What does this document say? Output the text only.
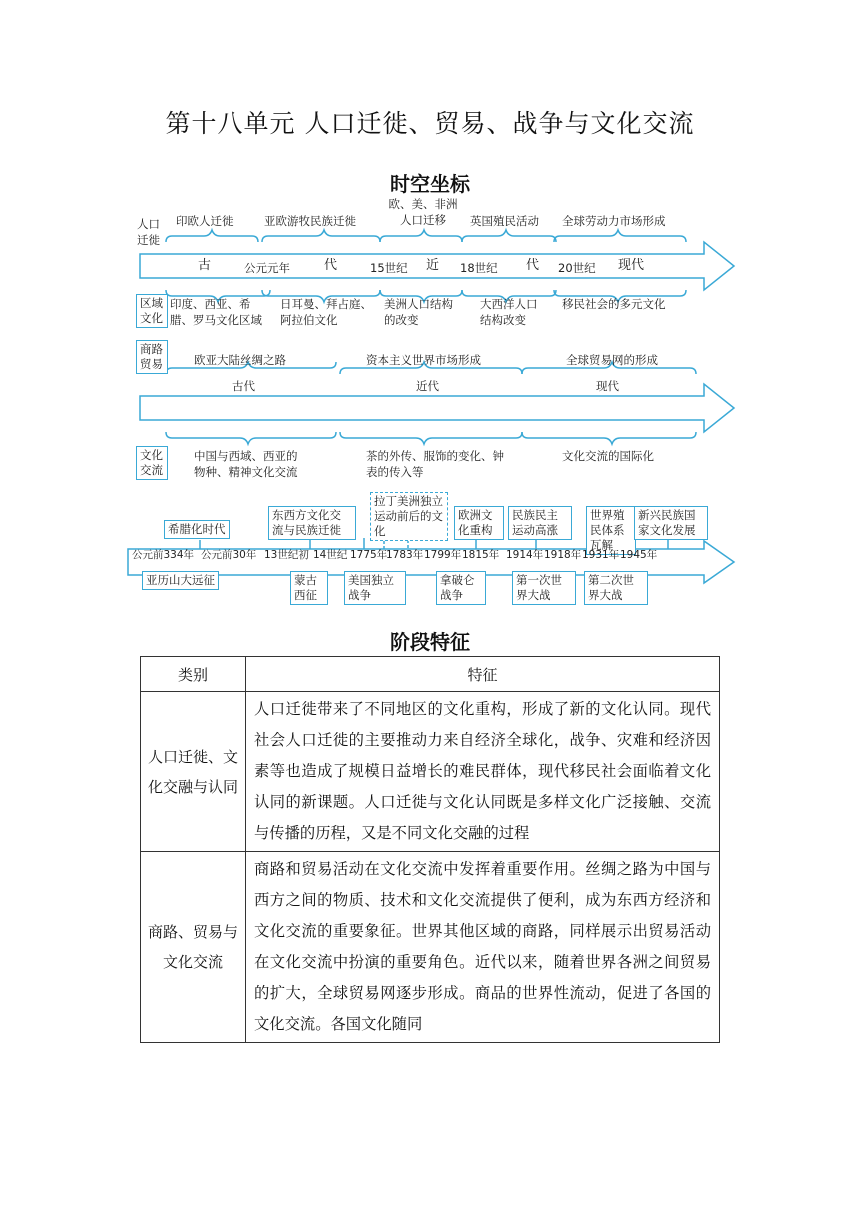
第十八单元 人口迁徙、贸易、战争与文化交流
时空坐标
人口迁徙
印欧人迁徙	亚欧游牧民族迁徙
欧、美、非洲人口迁移	英国殖民活动 全球劳动力市场形成
古	公元元年	代	15世纪 近 18世纪 代 20世纪 现代
区域文化
印度、西亚、希腊、罗马文化区域
日耳曼、拜占庭、阿拉伯文化
美洲人口结构的改变
大西洋人口结构改变
移民社会的多元文化
商路贸易	欧亚大陆丝绸之路	资本主义世界市场形成	全球贸易网的形成
古代	近代	现代
文化交流
中国与西域、西亚的物种、精神文化交流
茶的外传、服饰的变化、钟表的传入等
文化交流的国际化
希腊化时代
东西方文化交流与民族迁徙
拉丁美洲独立运动前后的文化
欧洲文化重构
民族民主运动高涨
世界殖民体系瓦解
新兴民族国家文化发展
公元前334年 公元前30年 13世纪初 14世纪 1775年
1783年 1799年 1815年 1914年 1918年 1931年 1945年
亚历山大远征	蒙古西征
美国独立战争
拿破仑战争
第一次世界大战
第二次世界大战
阶段特征
类别	特征
人口迁徙、文化交融与认同	人口迁徙带来了不同地区的文化重构，形成了新的文化认同。现代社会人口迁徙的主要推动力来自经济全球化，战争、灾难和经济因素等也造成了规模日益增长的难民群体，现代移民社会面临着文化认同的新课题。人口迁徙与文化认同既是多样文化广泛接触、交流与传播的历程，又是不同文化交融的过程
商路、贸易与文化交流	商路和贸易活动在文化交流中发挥着重要作用。丝绸之路为中国与西方之间的物质、技术和文化交流提供了便利，成为东西方经济和文化交流的重要象征。世界其他区域的商路，同样展示出贸易活动在文化交流中扮演的重要角色。近代以来，随着世界各洲之间贸易的扩大，全球贸易网逐步形成。商品的世界性流动，促进了各国的文化交流。各国文化随同
